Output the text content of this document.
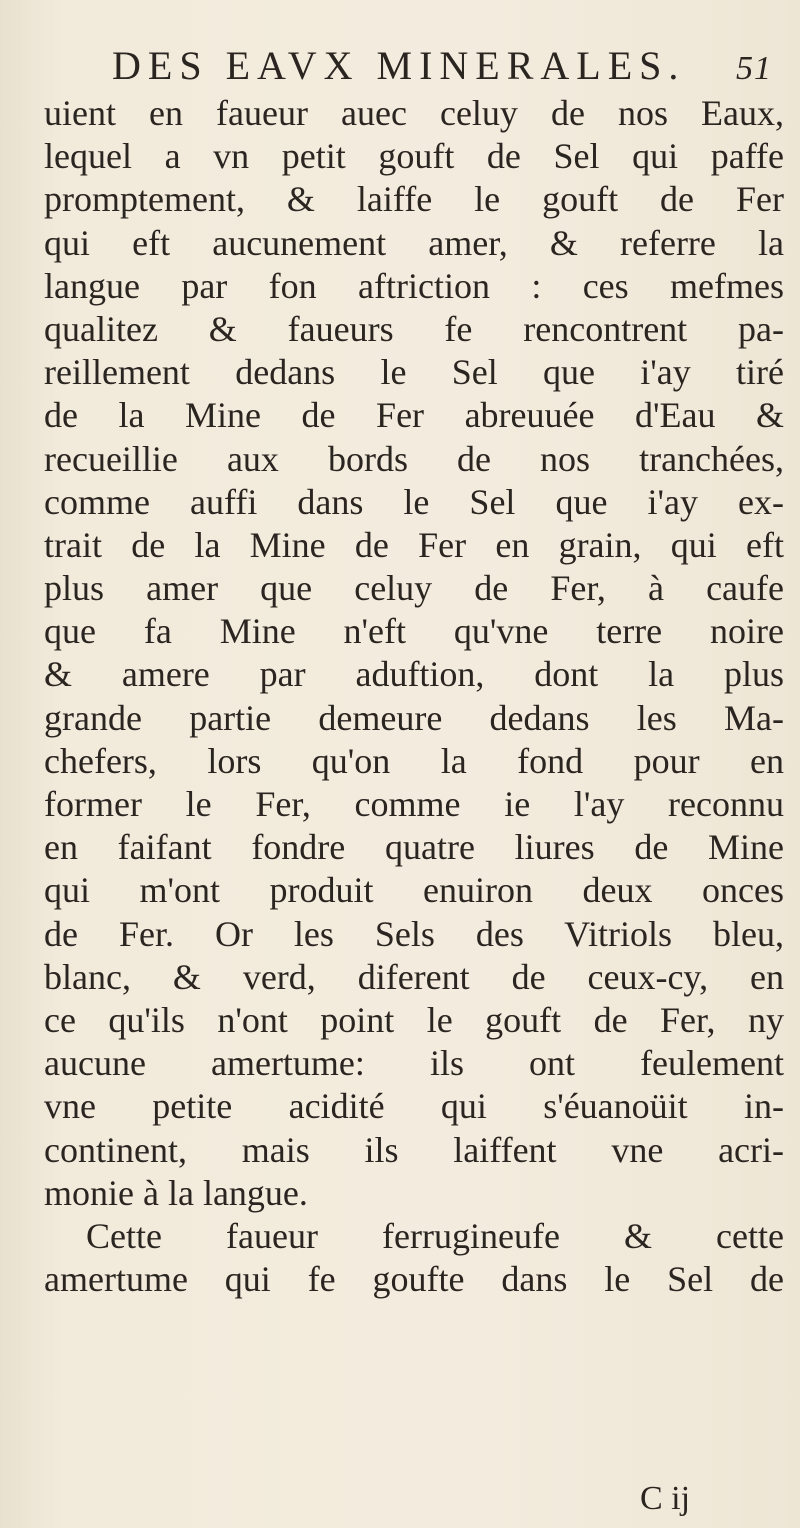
DES EAVX MINERALES. 51
uient en fauеur auec celuy de nos Eaux,
lequel a vn petit gouft de Sel qui paffe
promptement, & laiffe le gouft de Fer
qui eft aucunement amer, & referre la
langue par fon aftriction : ces mefmes
qualitez & fauеurs fe rencontrent pa-
reillement dedans le Sel que i'ay tiré
de la Mine de Fer abreuuée d'Eau &
recueillie aux bords de nos tranchées,
comme auffi dans le Sel que i'ay ex-
trait de la Mine de Fer en grain, qui eft
plus amer que celuy de Fer, à caufe
que fa Mine n'eft qu'vne terre noire
& amere par aduftion, dont la plus
grande partie demeure dedans les Ma-
chefers, lors qu'on la fond pour en
former le Fer, comme ie l'ay reconnu
en faifant fondre quatre liures de Mine
qui m'ont produit enuiron deux onces
de Fer. Or les Sels des Vitriols bleu,
blanc, & verd, diferent de ceux-cy, en
ce qu'ils n'ont point le gouft de Fer, ny
aucune amertume: ils ont feulement
vne petite acidité qui s'éuanoüit in-
continent, mais ils laiffent vne acri-
monie à la langue.
Cette faueur ferrugineufe & cette
amertume qui fe goufte dans le Sel de
C ij
